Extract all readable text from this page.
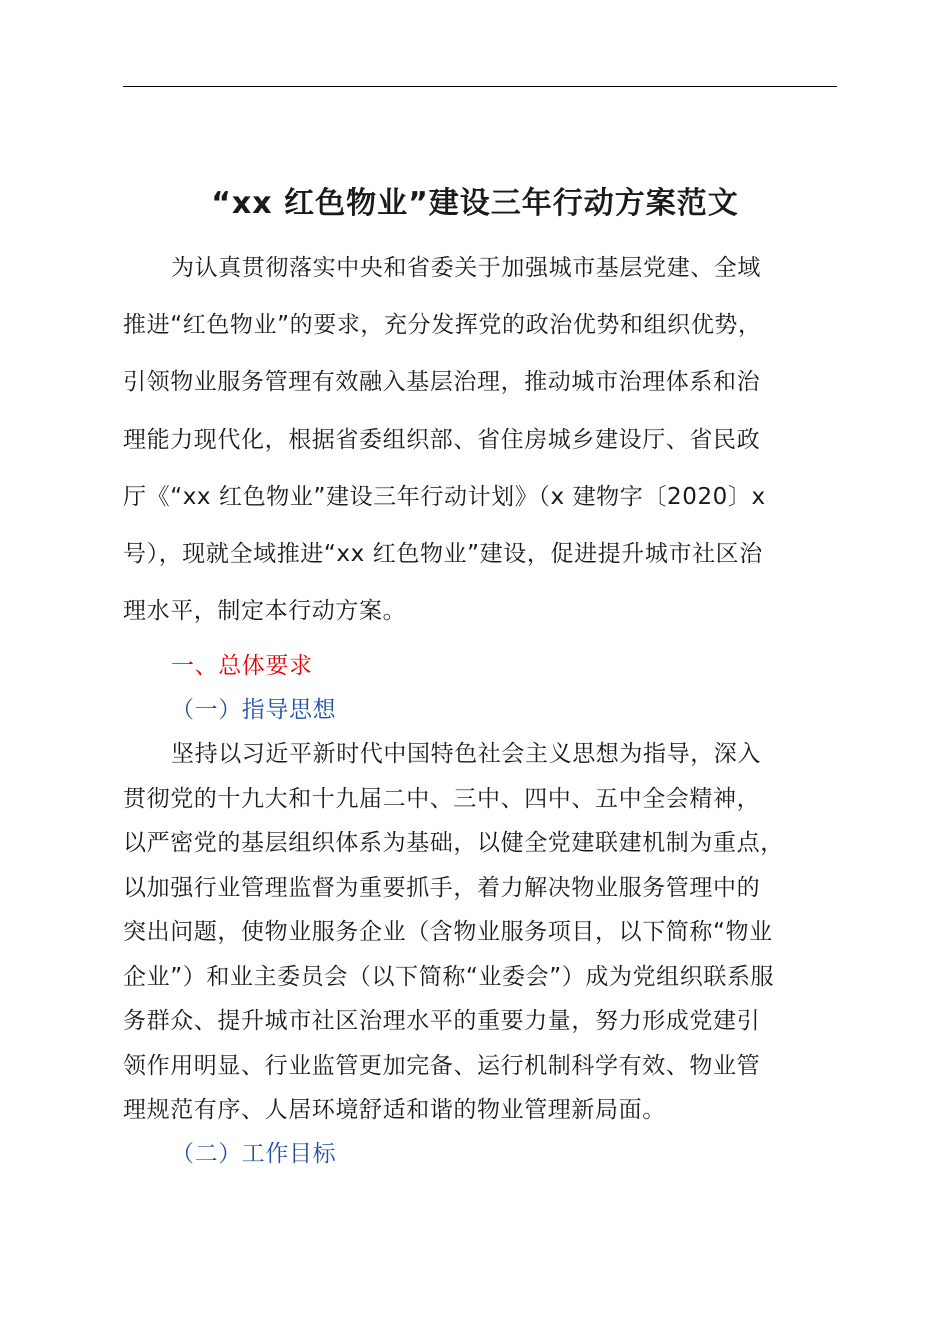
“xx 红色物业”建设三年行动方案范文
为认真贯彻落实中央和省委关于加强城市基层党建、全域
推进“红色物业”的要求，充分发挥党的政治优势和组织优势，
引领物业服务管理有效融入基层治理，推动城市治理体系和治
理能力现代化，根据省委组织部、省住房城乡建设厅、省民政
厅《“xx 红色物业”建设三年行动计划》（x 建物字〔2020〕x
号），现就全域推进“xx 红色物业”建设，促进提升城市社区治
理水平，制定本行动方案。
一、总体要求
（一）指导思想
坚持以习近平新时代中国特色社会主义思想为指导，深入
贯彻党的十九大和十九届二中、三中、四中、五中全会精神，
以严密党的基层组织体系为基础，以健全党建联建机制为重点，
以加强行业管理监督为重要抓手，着力解决物业服务管理中的
突出问题，使物业服务企业（含物业服务项目，以下简称“物业
企业”）和业主委员会（以下简称“业委会”）成为党组织联系服
务群众、提升城市社区治理水平的重要力量，努力形成党建引
领作用明显、行业监管更加完备、运行机制科学有效、物业管
理规范有序、人居环境舒适和谐的物业管理新局面。
（二）工作目标
